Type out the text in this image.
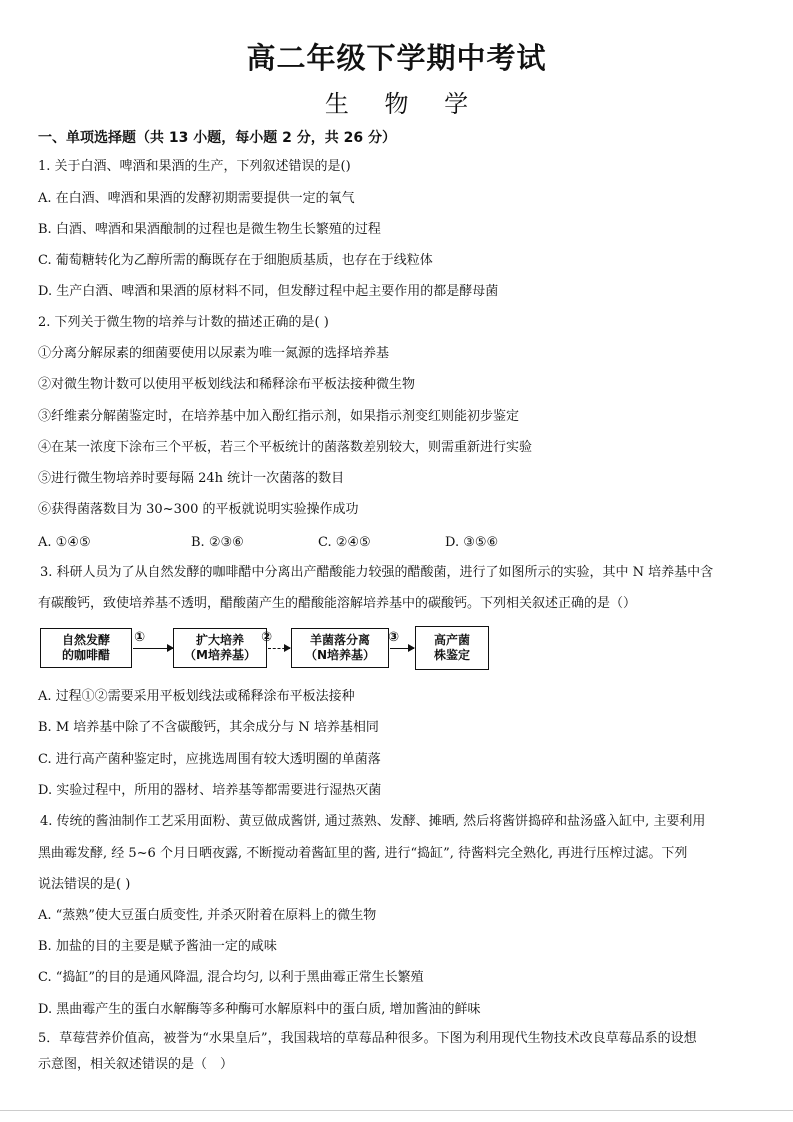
高二年级下学期中考试
生 物 学
一、单项选择题（共 13 小题，每小题 2 分，共 26 分）
1. 关于白酒、啤酒和果酒的生产，下列叙述错误的是()
A. 在白酒、啤酒和果酒的发酵初期需要提供一定的氧气
B. 白酒、啤酒和果酒酿制的过程也是微生物生长繁殖的过程
C. 葡萄糖转化为乙醇所需的酶既存在于细胞质基质，也存在于线粒体
D. 生产白酒、啤酒和果酒的原材料不同，但发酵过程中起主要作用的都是酵母菌
2. 下列关于微生物的培养与计数的描述正确的是( )
①分离分解尿素的细菌要使用以尿素为唯一氮源的选择培养基
②对微生物计数可以使用平板划线法和稀释涂布平板法接种微生物
③纤维素分解菌鉴定时，在培养基中加入酚红指示剂，如果指示剂变红则能初步鉴定
④在某一浓度下涂布三个平板，若三个平板统计的菌落数差别较大，则需重新进行实验
⑤进行微生物培养时要每隔 24h 统计一次菌落的数目
⑥获得菌落数目为 30~300 的平板就说明实验操作成功
A. ①④⑤	B. ②③⑥	C. ②④⑤	D. ③⑤⑥
3. 科研人员为了从自然发酵的咖啡醋中分离出产醋酸能力较强的醋酸菌，进行了如图所示的实验，其中 N 培养基中含
有碳酸钙，致使培养基不透明，醋酸菌产生的醋酸能溶解培养基中的碳酸钙。下列相关叙述正确的是（）
自然发酵
的咖啡醋
①	扩大培养
（M培养基）
②	羊菌落分离
（N培养基）
③	高产菌
株鉴定
A. 过程①②需要采用平板划线法或稀释涂布平板法接种
B. M 培养基中除了不含碳酸钙，其余成分与 N 培养基相同
C. 进行高产菌种鉴定时，应挑选周围有较大透明圈的单菌落
D. 实验过程中，所用的器材、培养基等都需要进行湿热灭菌
4. 传统的酱油制作工艺采用面粉、黄豆做成酱饼, 通过蒸熟、发酵、摊晒, 然后将酱饼捣碎和盐汤盛入缸中, 主要利用
黑曲霉发酵, 经 5~6 个月日晒夜露, 不断搅动着酱缸里的酱, 进行“捣缸”, 待酱料完全熟化, 再进行压榨过滤。下列
说法错误的是( )
A. “蒸熟”使大豆蛋白质变性, 并杀灭附着在原料上的微生物
B. 加盐的目的主要是赋予酱油一定的咸味
C. “捣缸”的目的是通风降温, 混合均匀, 以利于黑曲霉正常生长繁殖
D. 黑曲霉产生的蛋白水解酶等多种酶可水解原料中的蛋白质, 增加酱油的鲜味
5．草莓营养价值高，被誉为“水果皇后”，我国栽培的草莓品种很多。下图为利用现代生物技术改良草莓品系的设想
示意图，相关叙述错误的是（　）
